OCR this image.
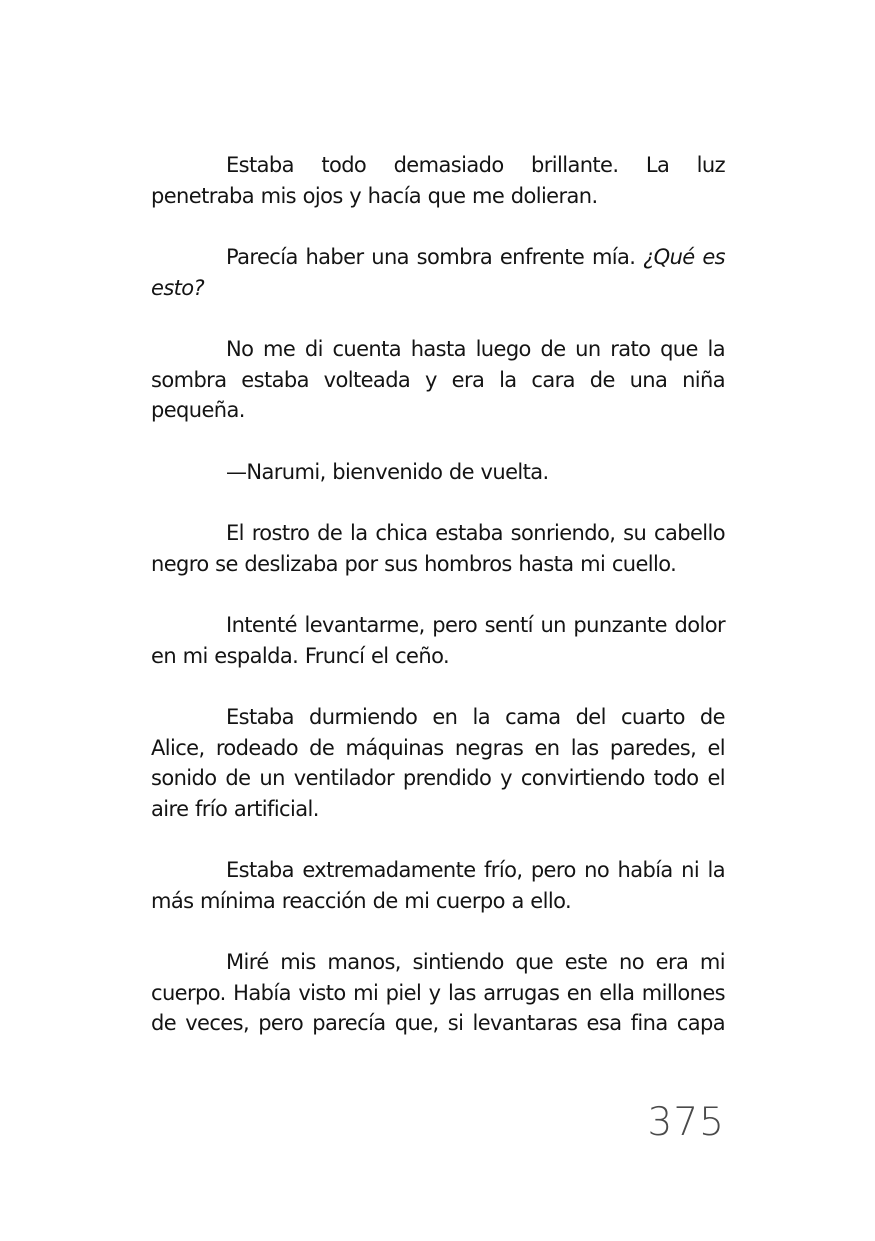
Estaba todo demasiado brillante. La luz penetraba mis ojos y hacía que me dolieran.

Parecía haber una sombra enfrente mía. ¿Qué es esto?

No me di cuenta hasta luego de un rato que la sombra estaba volteada y era la cara de una niña pequeña.

—Narumi, bienvenido de vuelta.

El rostro de la chica estaba sonriendo, su cabello negro se deslizaba por sus hombros hasta mi cuello.

Intenté levantarme, pero sentí un punzante dolor en mi espalda. Fruncí el ceño.

Estaba durmiendo en la cama del cuarto de Alice, rodeado de máquinas negras en las paredes, el sonido de un ventilador prendido y convirtiendo todo el aire frío artificial.

Estaba extremadamente frío, pero no había ni la más mínima reacción de mi cuerpo a ello.

Miré mis manos, sintiendo que este no era mi cuerpo. Había visto mi piel y las arrugas en ella millones de veces, pero parecía que, si levantaras esa fina capa

375
